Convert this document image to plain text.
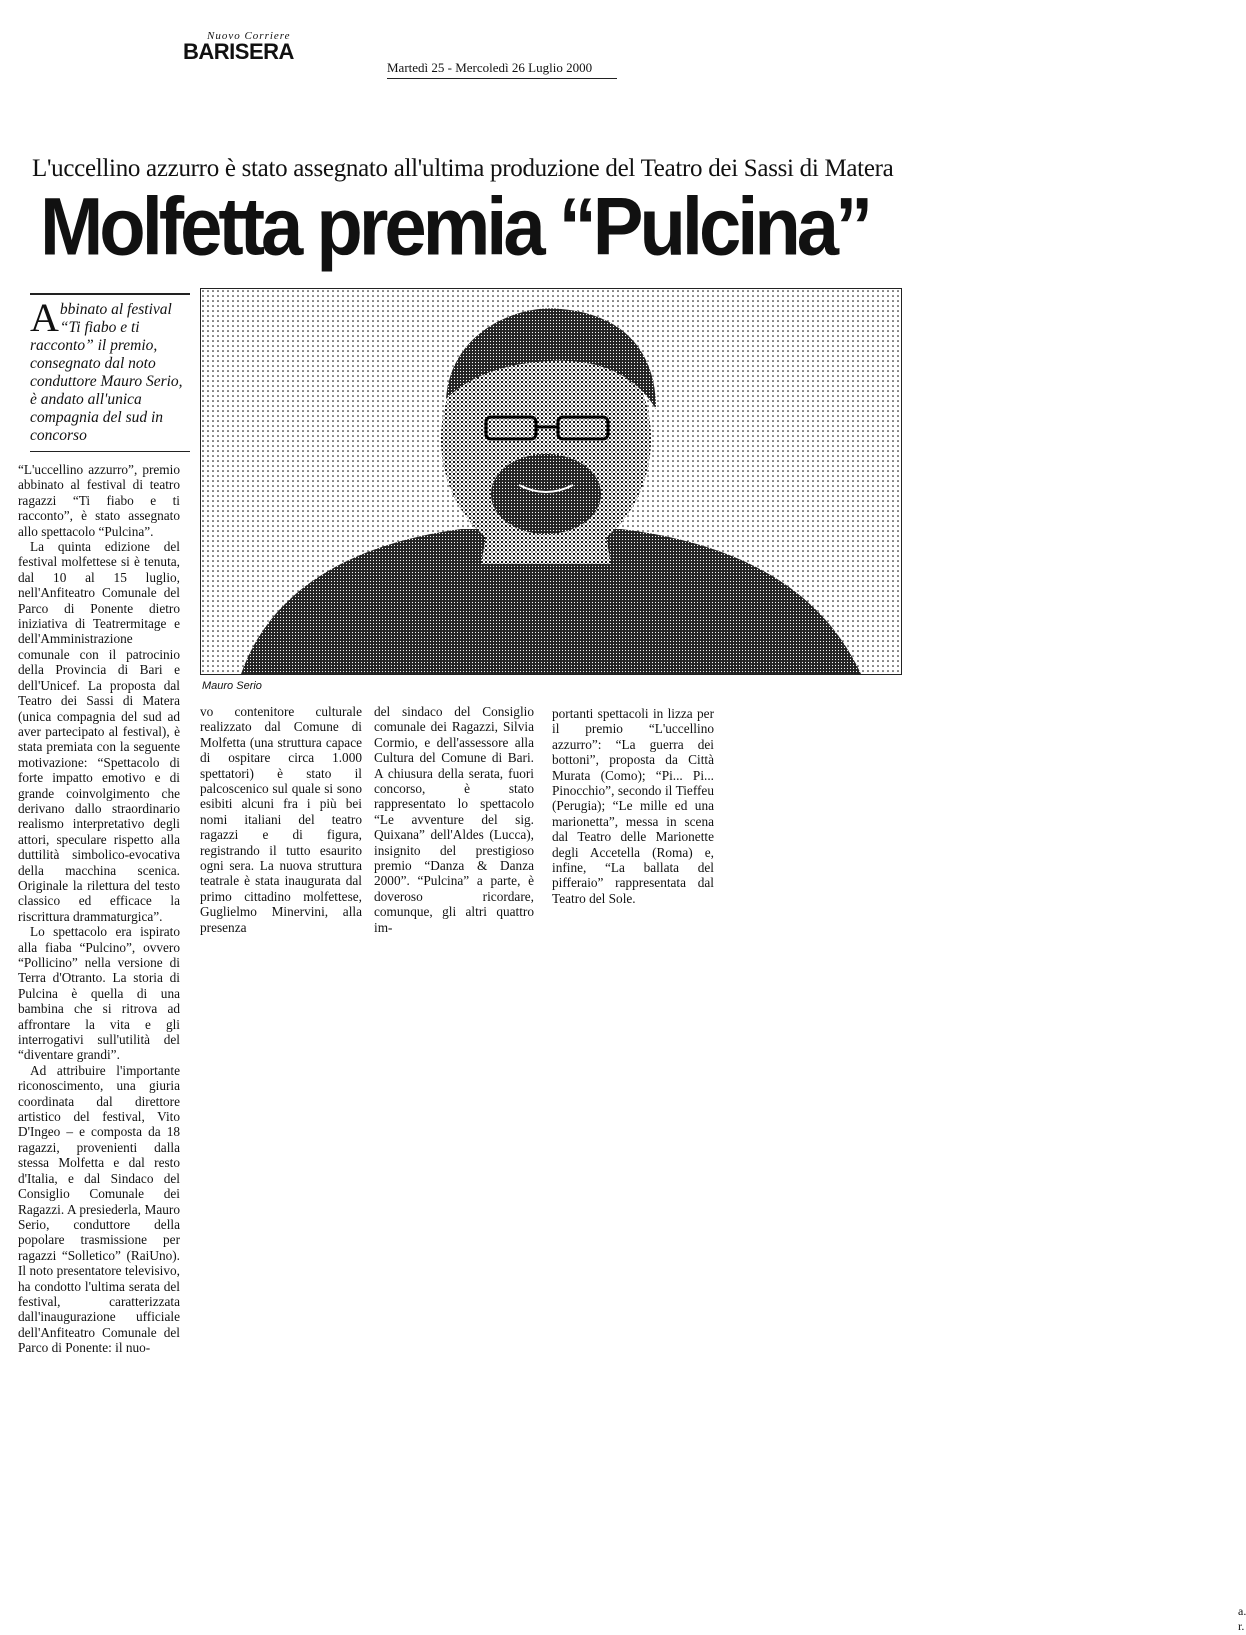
Nuovo Corriere
BARISERA
Martedì 25 - Mercoledì 26 Luglio 2000
L'uccellino azzurro è stato assegnato all'ultima produzione del Teatro dei Sassi di Matera
Molfetta premia “Pulcina”
Abbinato al festival “Ti fiabo e ti racconto” il premio, consegnato dal noto conduttore Mauro Serio, è andato all'unica compagnia del sud in concorso
Mauro Serio

“L'uccellino azzurro”, premio abbinato al festival di teatro ragazzi “Ti fiabo e ti racconto”, è stato assegnato allo spettacolo “Pulcina”.

La quinta edizione del festival molfettese si è tenuta, dal 10 al 15 luglio, nell'Anfiteatro Comunale del Parco di Ponente dietro iniziativa di Teatrermitage e dell'Amministrazione comunale con il patrocinio della Provincia di Bari e dell'Unicef. La proposta dal Teatro dei Sassi di Matera (unica compagnia del sud ad aver partecipato al festival), è stata premiata con la seguente motivazione: “Spettacolo di forte impatto emotivo e di grande coinvolgimento che derivano dallo straordinario realismo interpretativo degli attori, speculare rispetto alla duttilità simbolico-evocativa della macchina scenica. Originale la rilettura del testo classico ed efficace la riscrittura drammaturgica”.

Lo spettacolo era ispirato alla fiaba “Pulcino”, ovvero “Pollicino” nella versione di Terra d'Otranto. La storia di Pulcina è quella di una bambina che si ritrova ad affrontare la vita e gli interrogativi sull'utilità del “diventare grandi”.

Ad attribuire l'importante riconoscimento, una giuria coordinata dal direttore artistico del festival, Vito D'Ingeo – e composta da 18 ragazzi, provenienti dalla stessa Molfetta e dal resto d'Italia, e dal Sindaco del Consiglio Comunale dei Ragazzi. A presiederla, Mauro Serio, conduttore della popolare trasmissione per ragazzi “Solletico” (RaiUno). Il noto presentatore televisivo, ha condotto l'ultima serata del festival, caratterizzata dall'inaugurazione ufficiale dell'Anfiteatro Comunale del Parco di Ponente: il nuo-

vo contenitore culturale realizzato dal Comune di Molfetta (una struttura capace di ospitare circa 1.000 spettatori) è stato il palcoscenico sul quale si sono esibiti alcuni fra i più bei nomi italiani del teatro ragazzi e di figura, registrando il tutto esaurito ogni sera. La nuova struttura teatrale è stata inaugurata dal primo cittadino molfettese, Guglielmo Minervini, alla presenza

del sindaco del Consiglio comunale dei Ragazzi, Silvia Cormio, e dell'assessore alla Cultura del Comune di Bari. A chiusura della serata, fuori concorso, è stato rappresentato lo spettacolo “Le avventure del sig. Quixana” dell'Aldes (Lucca), insignito del prestigioso premio “Danza & Danza 2000”. “Pulcina” a parte, è doveroso ricordare, comunque, gli altri quattro im-

portanti spettacoli in lizza per il premio “L'uccellino azzurro”: “La guerra dei bottoni”, proposta da Città Murata (Como); “Pi... Pi... Pinocchio”, secondo il Tieffeu (Perugia); “Le mille ed una marionetta”, messa in scena dal Teatro delle Marionette degli Accetella (Roma) e, infine, “La ballata del pifferaio” rappresentata dal Teatro del Sole.

a. r.
